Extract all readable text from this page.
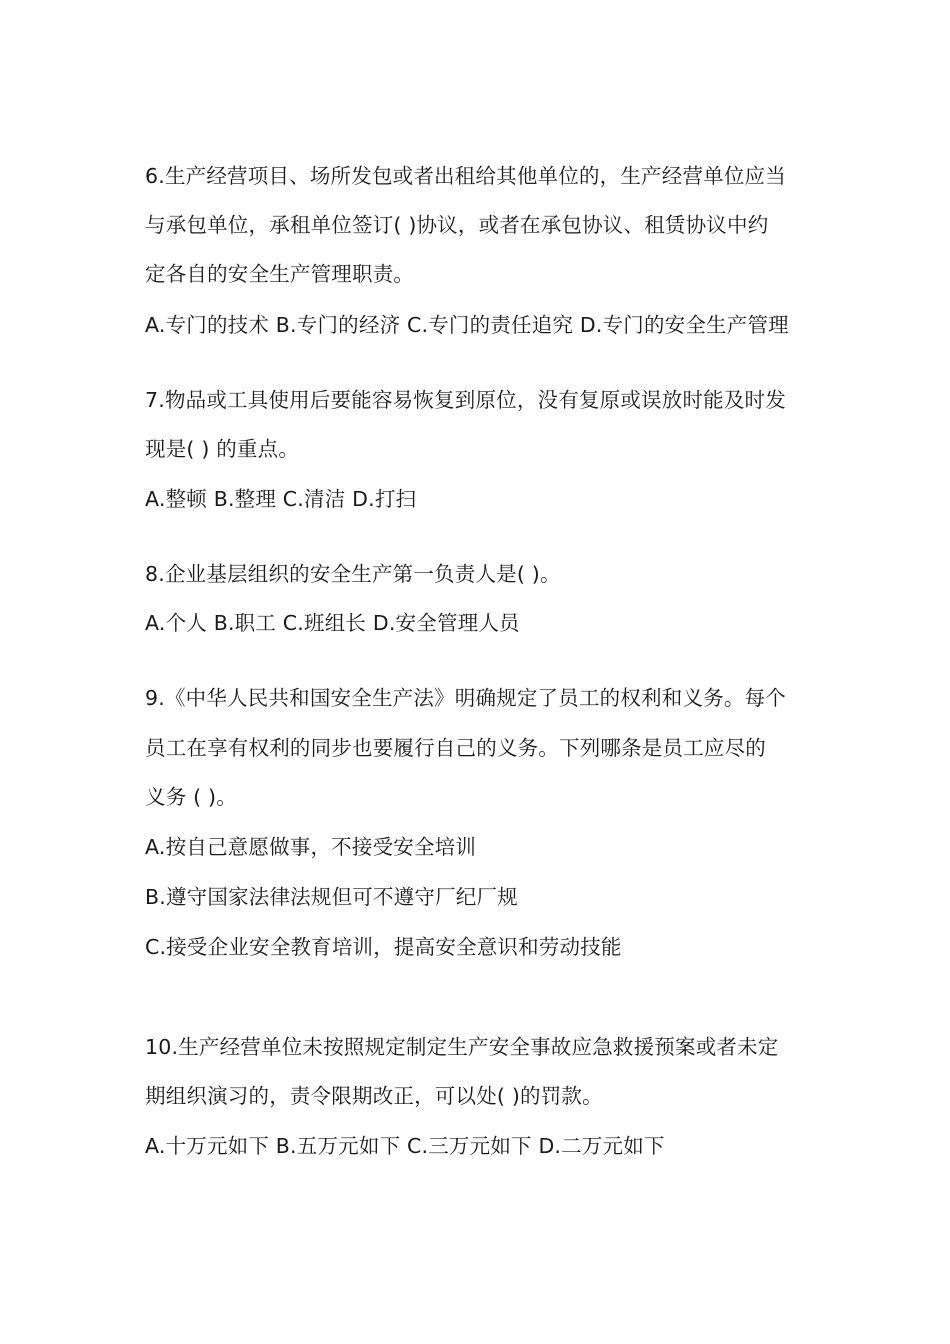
6.生产经营项目、场所发包或者出租给其他单位的，生产经营单位应当
与承包单位，承租单位签订( )协议，或者在承包协议、租赁协议中约
定各自的安全生产管理职责。
A.专门的技术 B.专门的经济 C.专门的责任追究 D.专门的安全生产管理
7.物品或工具使用后要能容易恢复到原位，没有复原或误放时能及时发
现是( ) 的重点。
A.整顿 B.整理 C.清洁 D.打扫
8.企业基层组织的安全生产第一负责人是( )。
A.个人 B.职工 C.班组长 D.安全管理人员
9.《中华人民共和国安全生产法》明确规定了员工的权利和义务。每个
员工在享有权利的同步也要履行自己的义务。下列哪条是员工应尽的
义务 ( )。
A.按自己意愿做事，不接受安全培训
B.遵守国家法律法规但可不遵守厂纪厂规
C.接受企业安全教育培训，提高安全意识和劳动技能
10.生产经营单位未按照规定制定生产安全事故应急救援预案或者未定
期组织演习的，责令限期改正，可以处( )的罚款。
A.十万元如下 B.五万元如下 C.三万元如下 D.二万元如下
